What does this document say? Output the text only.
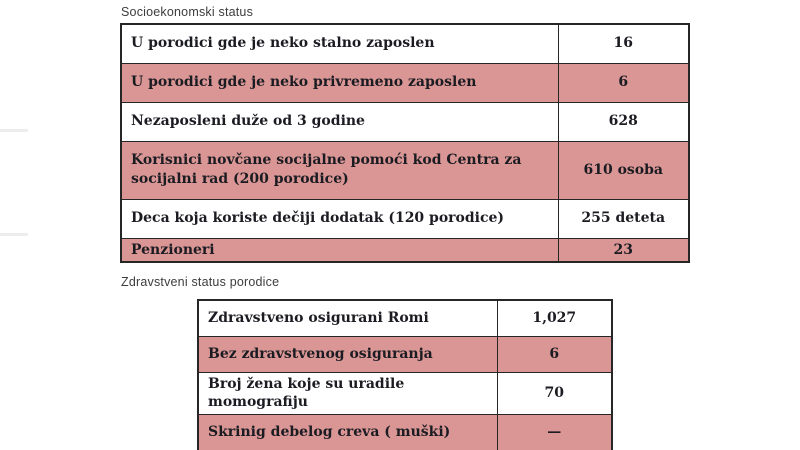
Socioekonomski status
U porodici gde je neko stalno zaposlen	16
U porodici gde je neko privremeno zaposlen	6
Nezaposleni duže od 3 godine	628
Korisnici novčane socijalne pomoći kod Centra za socijalni rad (200 porodice)	610 osoba
Deca koja koriste dečiji dodatak (120 porodice)	255 deteta
Penzioneri	23
Zdravstveni status porodice
Zdravstveno osigurani Romi	1,027
Bez zdravstvenog osiguranja	6
Broj žena koje su uradile momografiju	70
Skrinig debelog creva ( muški)	—
